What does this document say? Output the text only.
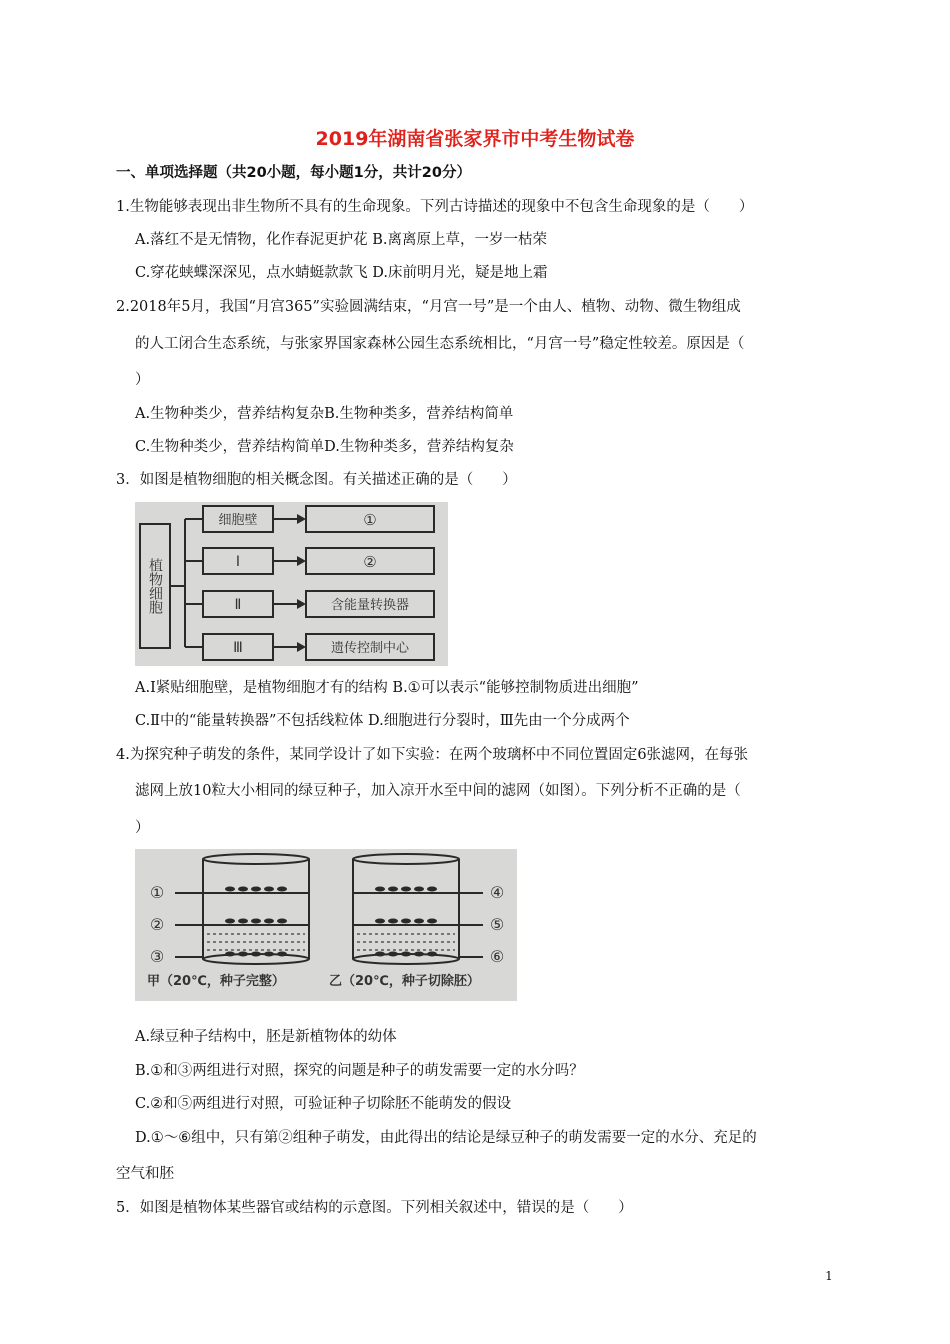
2019年湖南省张家界市中考生物试卷
一、单项选择题（共20小题，每小题1分，共计20分）
1.生物能够表现出非生物所不具有的生命现象。下列古诗描述的现象中不包含生命现象的是（　　）
A.落红不是无情物，化作春泥更护花 B.离离原上草，一岁一枯荣
C.穿花蛱蝶深深见，点水蜻蜓款款飞 D.床前明月光，疑是地上霜
2.2018年5月，我国“月宫365”实验圆满结束，“月宫一号”是一个由人、植物、动物、微生物组成
的人工闭合生态系统，与张家界国家森林公园生态系统相比，“月宫一号”稳定性较差。原因是（
）
A.生物种类少，营养结构复杂B.生物种类多，营养结构简单
C.生物种类少，营养结构简单D.生物种类多，营养结构复杂
3．如图是植物细胞的相关概念图。有关描述正确的是（　　）
植物细胞
细胞壁
Ⅰ
Ⅱ
Ⅲ
①
②
含能量转换器
遗传控制中心
A.Ⅰ紧贴细胞壁，是植物细胞才有的结构 B.①可以表示“能够控制物质进出细胞”
C.Ⅱ中的“能量转换器”不包括线粒体 D.细胞进行分裂时，Ⅲ先由一个分成两个
4.为探究种子萌发的条件，某同学设计了如下实验：在两个玻璃杯中不同位置固定6张滤网，在每张
滤网上放10粒大小相同的绿豆种子，加入凉开水至中间的滤网（如图）。下列分析不正确的是（
）
①
②
③
④
⑤
⑥
甲（20℃，种子完整）	乙（20℃，种子切除胚）
A.绿豆种子结构中，胚是新植物体的幼体
B.①和③两组进行对照，探究的问题是种子的萌发需要一定的水分吗？
C.②和⑤两组进行对照，可验证种子切除胚不能萌发的假设
D.①～⑥组中，只有第②组种子萌发，由此得出的结论是绿豆种子的萌发需要一定的水分、充足的
空气和胚
5．如图是植物体某些器官或结构的示意图。下列相关叙述中，错误的是（　　）
1
